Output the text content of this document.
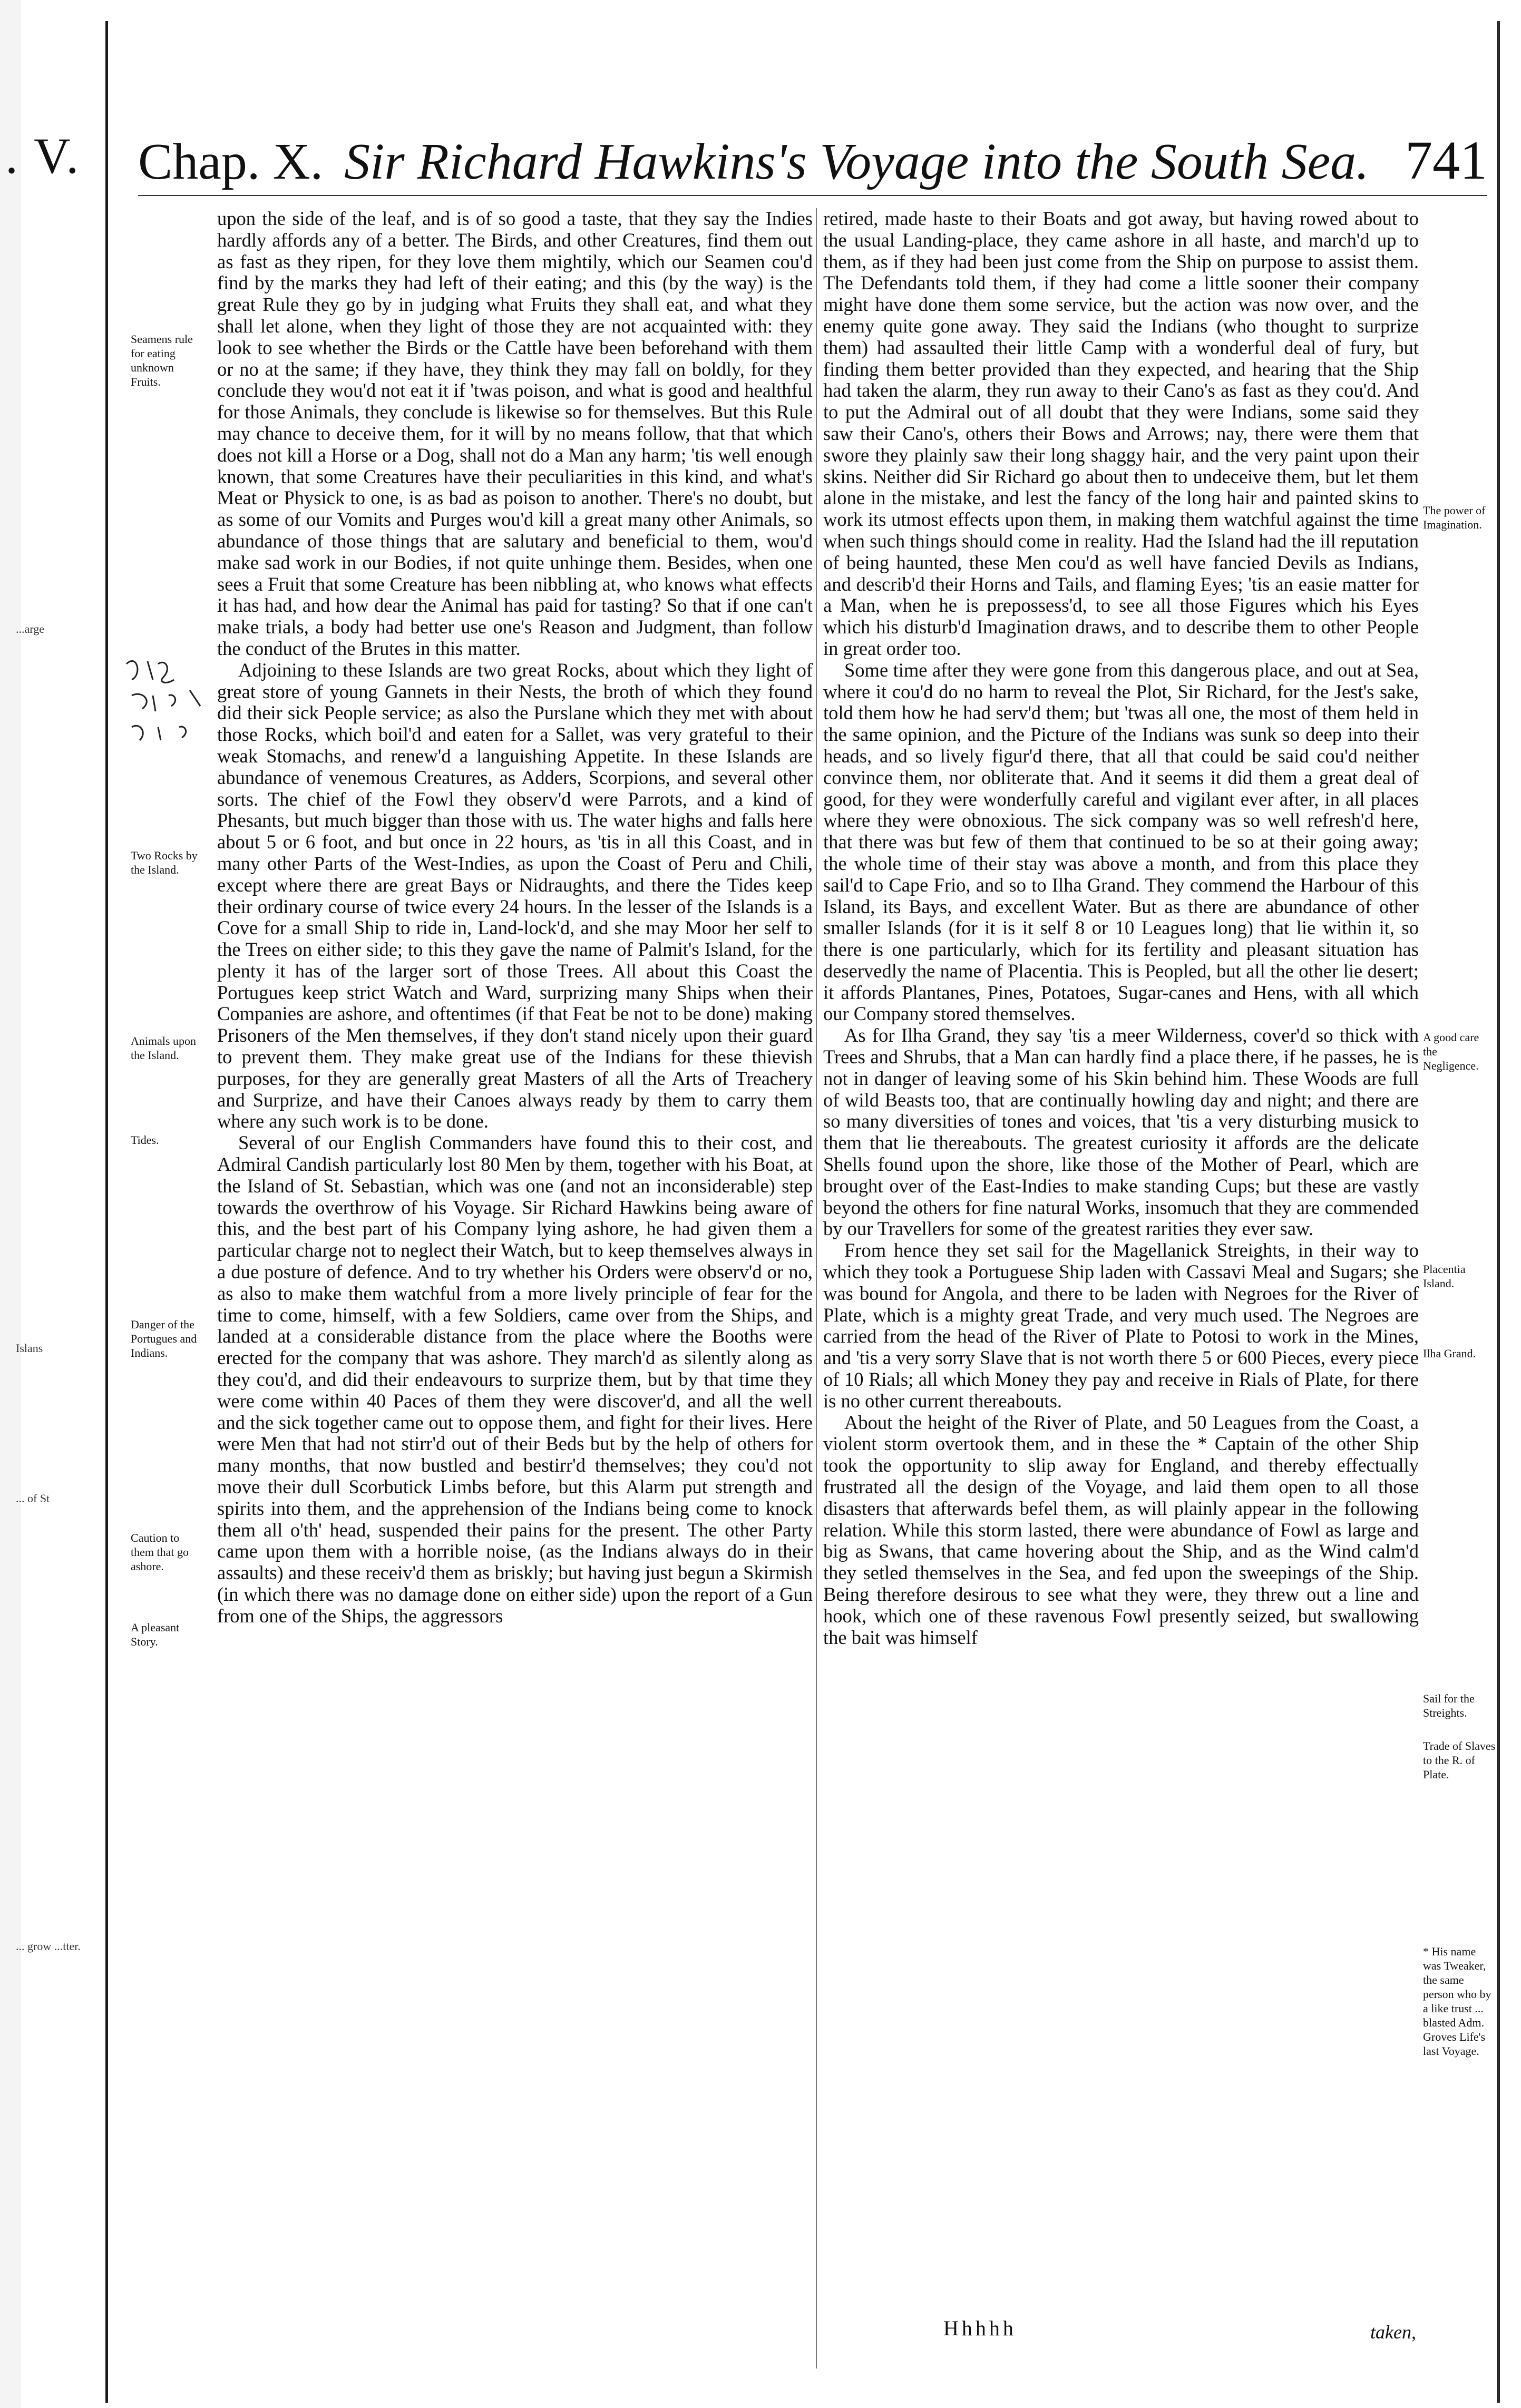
. V. Chap. X. Sir Richard Hawkins's Voyage into the South Sea. 741
...arge
Islans
... of St
... grow ...tter.
Seamens rule for eating unknown Fruits.
Two Rocks by the Island.
Animals upon the Island.
Tides.
Danger of the Portugues and Indians.
Caution to them that go ashore.
A pleasant Story.
The power of Imagination.
A good care the Negligence.
Placentia Island.
Ilha Grand.
Sail for the Streights.
Trade of Slaves to the R. of Plate.
* His name was Tweaker, the same person who by a like trust ... blasted Adm. Groves Life's last Voyage.

upon the side of the leaf, and is of so good a taste, that they say the Indies hardly affords any of a better. The Birds, and other Creatures, find them out as fast as they ripen, for they love them mightily, which our Seamen cou'd find by the marks they had left of their eating; and this (by the way) is the great Rule they go by in judging what Fruits they shall eat, and what they shall let alone, when they light of those they are not acquainted with: they look to see whether the Birds or the Cattle have been beforehand with them or no at the same; if they have, they think they may fall on boldly, for they conclude they wou'd not eat it if 'twas poison, and what is good and healthful for those Animals, they conclude is likewise so for themselves. But this Rule may chance to deceive them, for it will by no means follow, that that which does not kill a Horse or a Dog, shall not do a Man any harm; 'tis well enough known, that some Creatures have their peculiarities in this kind, and what's Meat or Physick to one, is as bad as poison to another. There's no doubt, but as some of our Vomits and Purges wou'd kill a great many other Animals, so abundance of those things that are salutary and beneficial to them, wou'd make sad work in our Bodies, if not quite unhinge them. Besides, when one sees a Fruit that some Creature has been nibbling at, who knows what effects it has had, and how dear the Animal has paid for tasting? So that if one can't make trials, a body had better use one's Reason and Judgment, than follow the conduct of the Brutes in this matter.

Adjoining to these Islands are two great Rocks, about which they light of great store of young Gannets in their Nests, the broth of which they found did their sick People service; as also the Purslane which they met with about those Rocks, which boil'd and eaten for a Sallet, was very grateful to their weak Stomachs, and renew'd a languishing Appetite. In these Islands are abundance of venemous Creatures, as Adders, Scorpions, and several other sorts. The chief of the Fowl they observ'd were Parrots, and a kind of Phesants, but much bigger than those with us. The water highs and falls here about 5 or 6 foot, and but once in 22 hours, as 'tis in all this Coast, and in many other Parts of the West-Indies, as upon the Coast of Peru and Chili, except where there are great Bays or Nidraughts, and there the Tides keep their ordinary course of twice every 24 hours. In the lesser of the Islands is a Cove for a small Ship to ride in, Land-lock'd, and she may Moor her self to the Trees on either side; to this they gave the name of Palmit's Island, for the plenty it has of the larger sort of those Trees. All about this Coast the Portugues keep strict Watch and Ward, surprizing many Ships when their Companies are ashore, and oftentimes (if that Feat be not to be done) making Prisoners of the Men themselves, if they don't stand nicely upon their guard to prevent them. They make great use of the Indians for these thievish purposes, for they are generally great Masters of all the Arts of Treachery and Surprize, and have their Canoes always ready by them to carry them where any such work is to be done.

Several of our English Commanders have found this to their cost, and Admiral Candish particularly lost 80 Men by them, together with his Boat, at the Island of St. Sebastian, which was one (and not an inconsiderable) step towards the overthrow of his Voyage. Sir Richard Hawkins being aware of this, and the best part of his Company lying ashore, he had given them a particular charge not to neglect their Watch, but to keep themselves always in a due posture of defence. And to try whether his Orders were observ'd or no, as also to make them watchful from a more lively principle of fear for the time to come, himself, with a few Soldiers, came over from the Ships, and landed at a considerable distance from the place where the Booths were erected for the company that was ashore. They march'd as silently along as they cou'd, and did their endeavours to surprize them, but by that time they were come within 40 Paces of them they were discover'd, and all the well and the sick together came out to oppose them, and fight for their lives. Here were Men that had not stirr'd out of their Beds but by the help of others for many months, that now bustled and bestirr'd themselves; they cou'd not move their dull Scorbutick Limbs before, but this Alarm put strength and spirits into them, and the apprehension of the Indians being come to knock them all o'th' head, suspended their pains for the present. The other Party came upon them with a horrible noise, (as the Indians always do in their assaults) and these receiv'd them as briskly; but having just begun a Skirmish (in which there was no damage done on either side) upon the report of a Gun from one of the Ships, the aggressors

retired, made haste to their Boats and got away, but having rowed about to the usual Landing-place, they came ashore in all haste, and march'd up to them, as if they had been just come from the Ship on purpose to assist them. The Defendants told them, if they had come a little sooner their company might have done them some service, but the action was now over, and the enemy quite gone away. They said the Indians (who thought to surprize them) had assaulted their little Camp with a wonderful deal of fury, but finding them better provided than they expected, and hearing that the Ship had taken the alarm, they run away to their Cano's as fast as they cou'd. And to put the Admiral out of all doubt that they were Indians, some said they saw their Cano's, others their Bows and Arrows; nay, there were them that swore they plainly saw their long shaggy hair, and the very paint upon their skins. Neither did Sir Richard go about then to undeceive them, but let them alone in the mistake, and lest the fancy of the long hair and painted skins to work its utmost effects upon them, in making them watchful against the time when such things should come in reality. Had the Island had the ill reputation of being haunted, these Men cou'd as well have fancied Devils as Indians, and describ'd their Horns and Tails, and flaming Eyes; 'tis an easie matter for a Man, when he is prepossess'd, to see all those Figures which his Eyes which his disturb'd Imagination draws, and to describe them to other People in great order too.

Some time after they were gone from this dangerous place, and out at Sea, where it cou'd do no harm to reveal the Plot, Sir Richard, for the Jest's sake, told them how he had serv'd them; but 'twas all one, the most of them held in the same opinion, and the Picture of the Indians was sunk so deep into their heads, and so lively figur'd there, that all that could be said cou'd neither convince them, nor obliterate that. And it seems it did them a great deal of good, for they were wonderfully careful and vigilant ever after, in all places where they were obnoxious. The sick company was so well refresh'd here, that there was but few of them that continued to be so at their going away; the whole time of their stay was above a month, and from this place they sail'd to Cape Frio, and so to Ilha Grand. They commend the Harbour of this Island, its Bays, and excellent Water. But as there are abundance of other smaller Islands (for it is it self 8 or 10 Leagues long) that lie within it, so there is one particularly, which for its fertility and pleasant situation has deservedly the name of Placentia. This is Peopled, but all the other lie desert; it affords Plantanes, Pines, Potatoes, Sugar-canes and Hens, with all which our Company stored themselves.

As for Ilha Grand, they say 'tis a meer Wilderness, cover'd so thick with Trees and Shrubs, that a Man can hardly find a place there, if he passes, he is not in danger of leaving some of his Skin behind him. These Woods are full of wild Beasts too, that are continually howling day and night; and there are so many diversities of tones and voices, that 'tis a very disturbing musick to them that lie thereabouts. The greatest curiosity it affords are the delicate Shells found upon the shore, like those of the Mother of Pearl, which are brought over of the East-Indies to make standing Cups; but these are vastly beyond the others for fine natural Works, insomuch that they are commended by our Travellers for some of the greatest rarities they ever saw.

From hence they set sail for the Magellanick Streights, in their way to which they took a Portuguese Ship laden with Cassavi Meal and Sugars; she was bound for Angola, and there to be laden with Negroes for the River of Plate, which is a mighty great Trade, and very much used. The Negroes are carried from the head of the River of Plate to Potosi to work in the Mines, and 'tis a very sorry Slave that is not worth there 5 or 600 Pieces, every piece of 10 Rials; all which Money they pay and receive in Rials of Plate, for there is no other current thereabouts.

About the height of the River of Plate, and 50 Leagues from the Coast, a violent storm overtook them, and in these the * Captain of the other Ship took the opportunity to slip away for England, and thereby effectually frustrated all the design of the Voyage, and laid them open to all those disasters that afterwards befel them, as will plainly appear in the following relation. While this storm lasted, there were abundance of Fowl as large and big as Swans, that came hovering about the Ship, and as the Wind calm'd they setled themselves in the Sea, and fed upon the sweepings of the Ship. Being therefore desirous to see what they were, they threw out a line and hook, which one of these ravenous Fowl presently seized, but swallowing the bait was himself

Hhhhh	taken,
